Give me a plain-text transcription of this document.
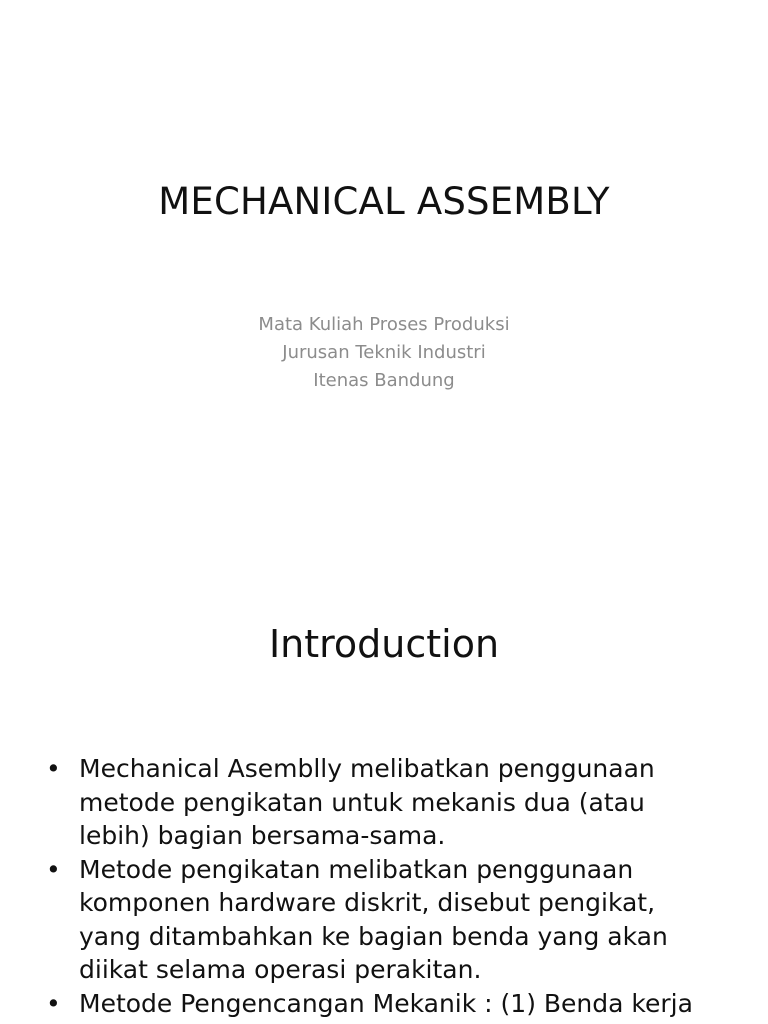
MECHANICAL ASSEMBLY
Mata Kuliah Proses Produksi
Jurusan Teknik Industri
Itenas Bandung
Introduction
• Mechanical Asemblly melibatkan penggunaan
metode pengikatan untuk mekanis dua (atau
lebih) bagian bersama-sama.
• Metode pengikatan melibatkan penggunaan
komponen hardware diskrit, disebut pengikat,
yang ditambahkan ke bagian benda yang akan
diikat selama operasi perakitan.
• Metode Pengencangan Mekanik : (1) Benda kerja
